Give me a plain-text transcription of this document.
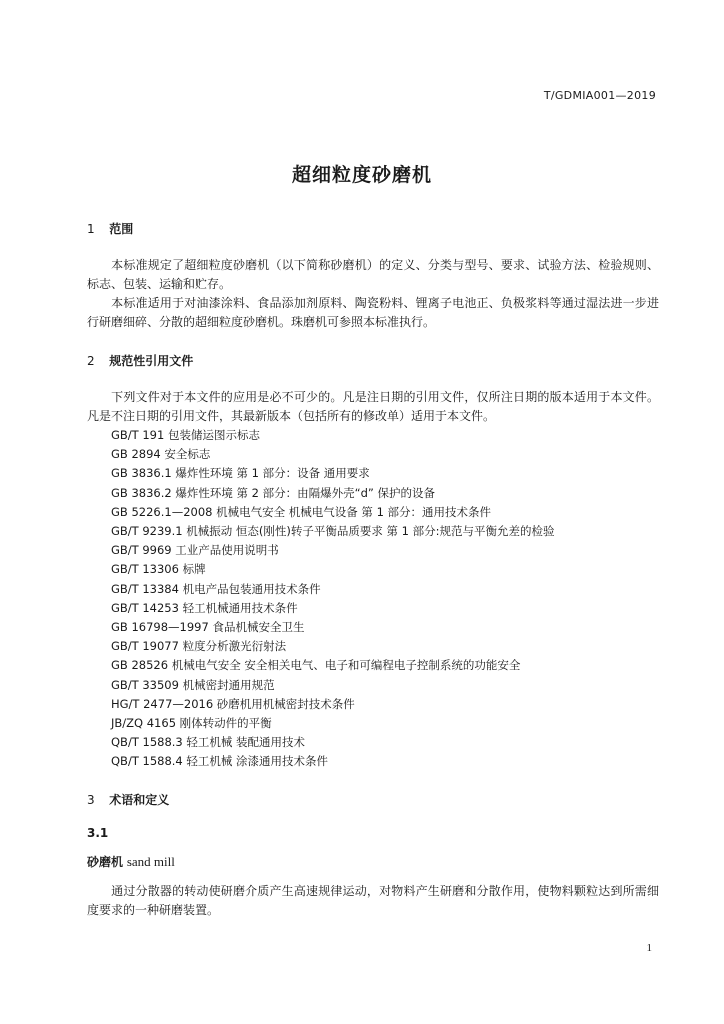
T/GDMIA001—2019
超细粒度砂磨机
1 范围
本标准规定了超细粒度砂磨机（以下简称砂磨机）的定义、分类与型号、要求、试验方法、检验规则、标志、包装、运输和贮存。
本标准适用于对油漆涂料、食品添加剂原料、陶瓷粉料、锂离子电池正、负极浆料等通过湿法进一步进行研磨细碎、分散的超细粒度砂磨机。珠磨机可参照本标准执行。
2 规范性引用文件
下列文件对于本文件的应用是必不可少的。凡是注日期的引用文件，仅所注日期的版本适用于本文件。凡是不注日期的引用文件，其最新版本（包括所有的修改单）适用于本文件。
GB/T 191 包装储运图示标志
GB 2894 安全标志
GB 3836.1 爆炸性环境 第 1 部分：设备 通用要求
GB 3836.2 爆炸性环境 第 2 部分：由隔爆外壳“d” 保护的设备
GB 5226.1—2008 机械电气安全 机械电气设备 第 1 部分：通用技术条件
GB/T 9239.1 机械振动 恒态(刚性)转子平衡品质要求 第 1 部分:规范与平衡允差的检验
GB/T 9969 工业产品使用说明书
GB/T 13306 标牌
GB/T 13384 机电产品包装通用技术条件
GB/T 14253 轻工机械通用技术条件
GB 16798—1997 食品机械安全卫生
GB/T 19077 粒度分析激光衍射法
GB 28526 机械电气安全 安全相关电气、电子和可编程电子控制系统的功能安全
GB/T 33509 机械密封通用规范
HG/T 2477—2016 砂磨机用机械密封技术条件
JB/ZQ 4165 刚体转动件的平衡
QB/T 1588.3 轻工机械 装配通用技术
QB/T 1588.4 轻工机械 涂漆通用技术条件
3 术语和定义
3.1
砂磨机 sand mill
通过分散器的转动使研磨介质产生高速规律运动，对物料产生研磨和分散作用，使物料颗粒达到所需细度要求的一种研磨装置。
1
